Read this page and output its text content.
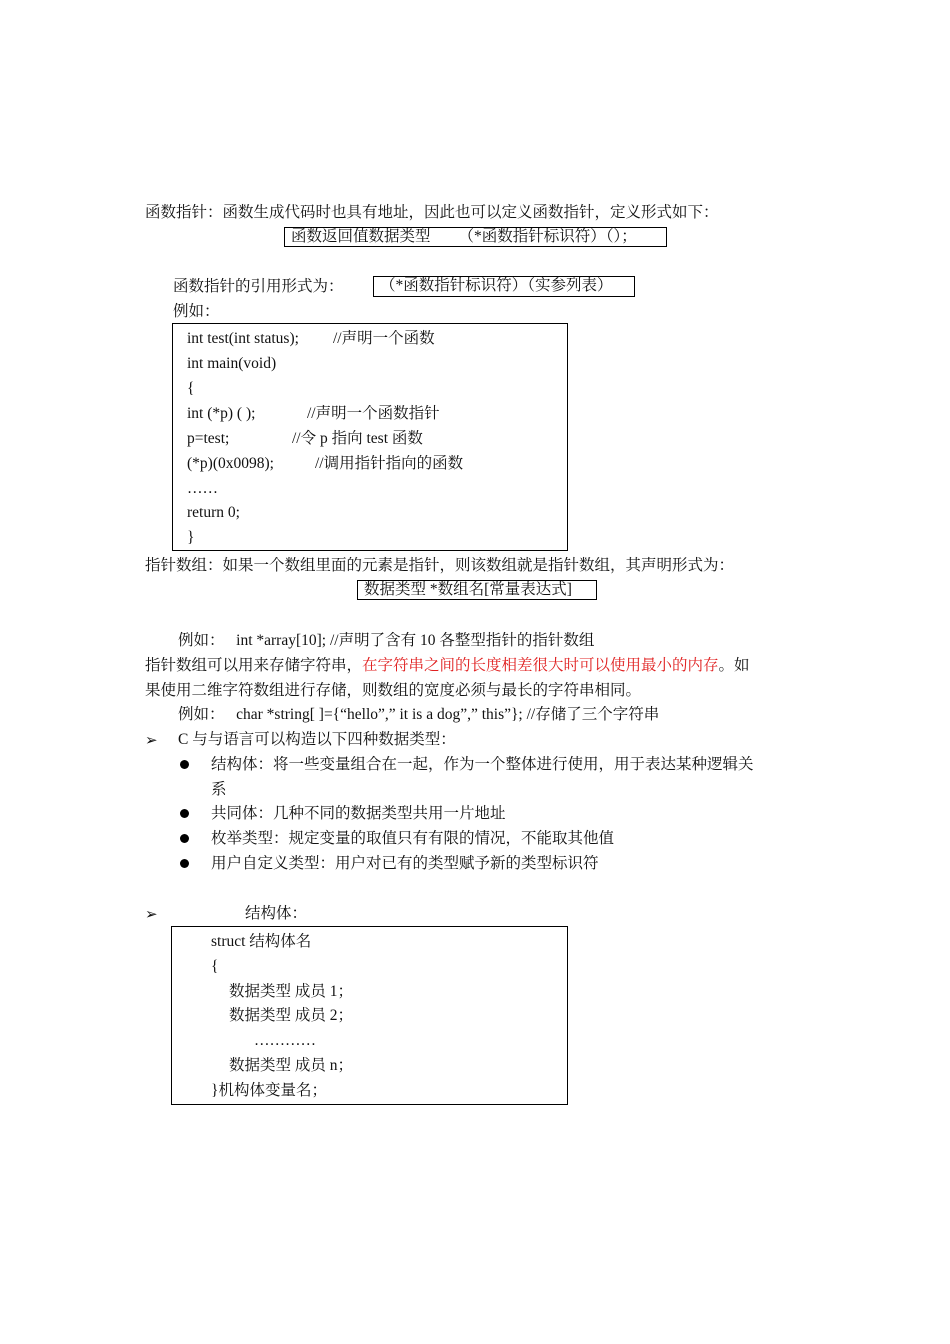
函数指针：函数生成代码时也具有地址，因此也可以定义函数指针，定义形式如下：
函数返回值数据类型 （*函数指针标识符）（）；
函数指针的引用形式为：	（*函数指针标识符）（实参列表）
例如：
int test(int status); //声明一个函数
int main(void)
{
int (*p) ( );	//声明一个函数指针
p=test;	//令 p 指向 test 函数
(*p)(0x0098);	//调用指针指向的函数
……
return 0;
}
指针数组：如果一个数组里面的元素是指针，则该数组就是指针数组，其声明形式为：
数据类型 *数组名[常量表达式]
例如： int *array[10]; //声明了含有 10 各整型指针的指针数组
指针数组可以用来存储字符串，在字符串之间的长度相差很大时可以使用最小的内存。如
果使用二维字符数组进行存储，则数组的宽度必须与最长的字符串相同。
例如： char *string[ ]={“hello”,” it is a dog”,” this”}; //存储了三个字符串
➢ C 与与语言可以构造以下四种数据类型：
结构体：将一些变量组合在一起，作为一个整体进行使用，用于表达某种逻辑关
系
共同体：几种不同的数据类型共用一片地址
枚举类型：规定变量的取值只有有限的情况，不能取其他值
用户自定义类型：用户对已有的类型赋予新的类型标识符
➢	结构体：
struct 结构体名
{
数据类型 成员 1；
数据类型 成员 2；
…………
数据类型 成员 n；
}机构体变量名；
